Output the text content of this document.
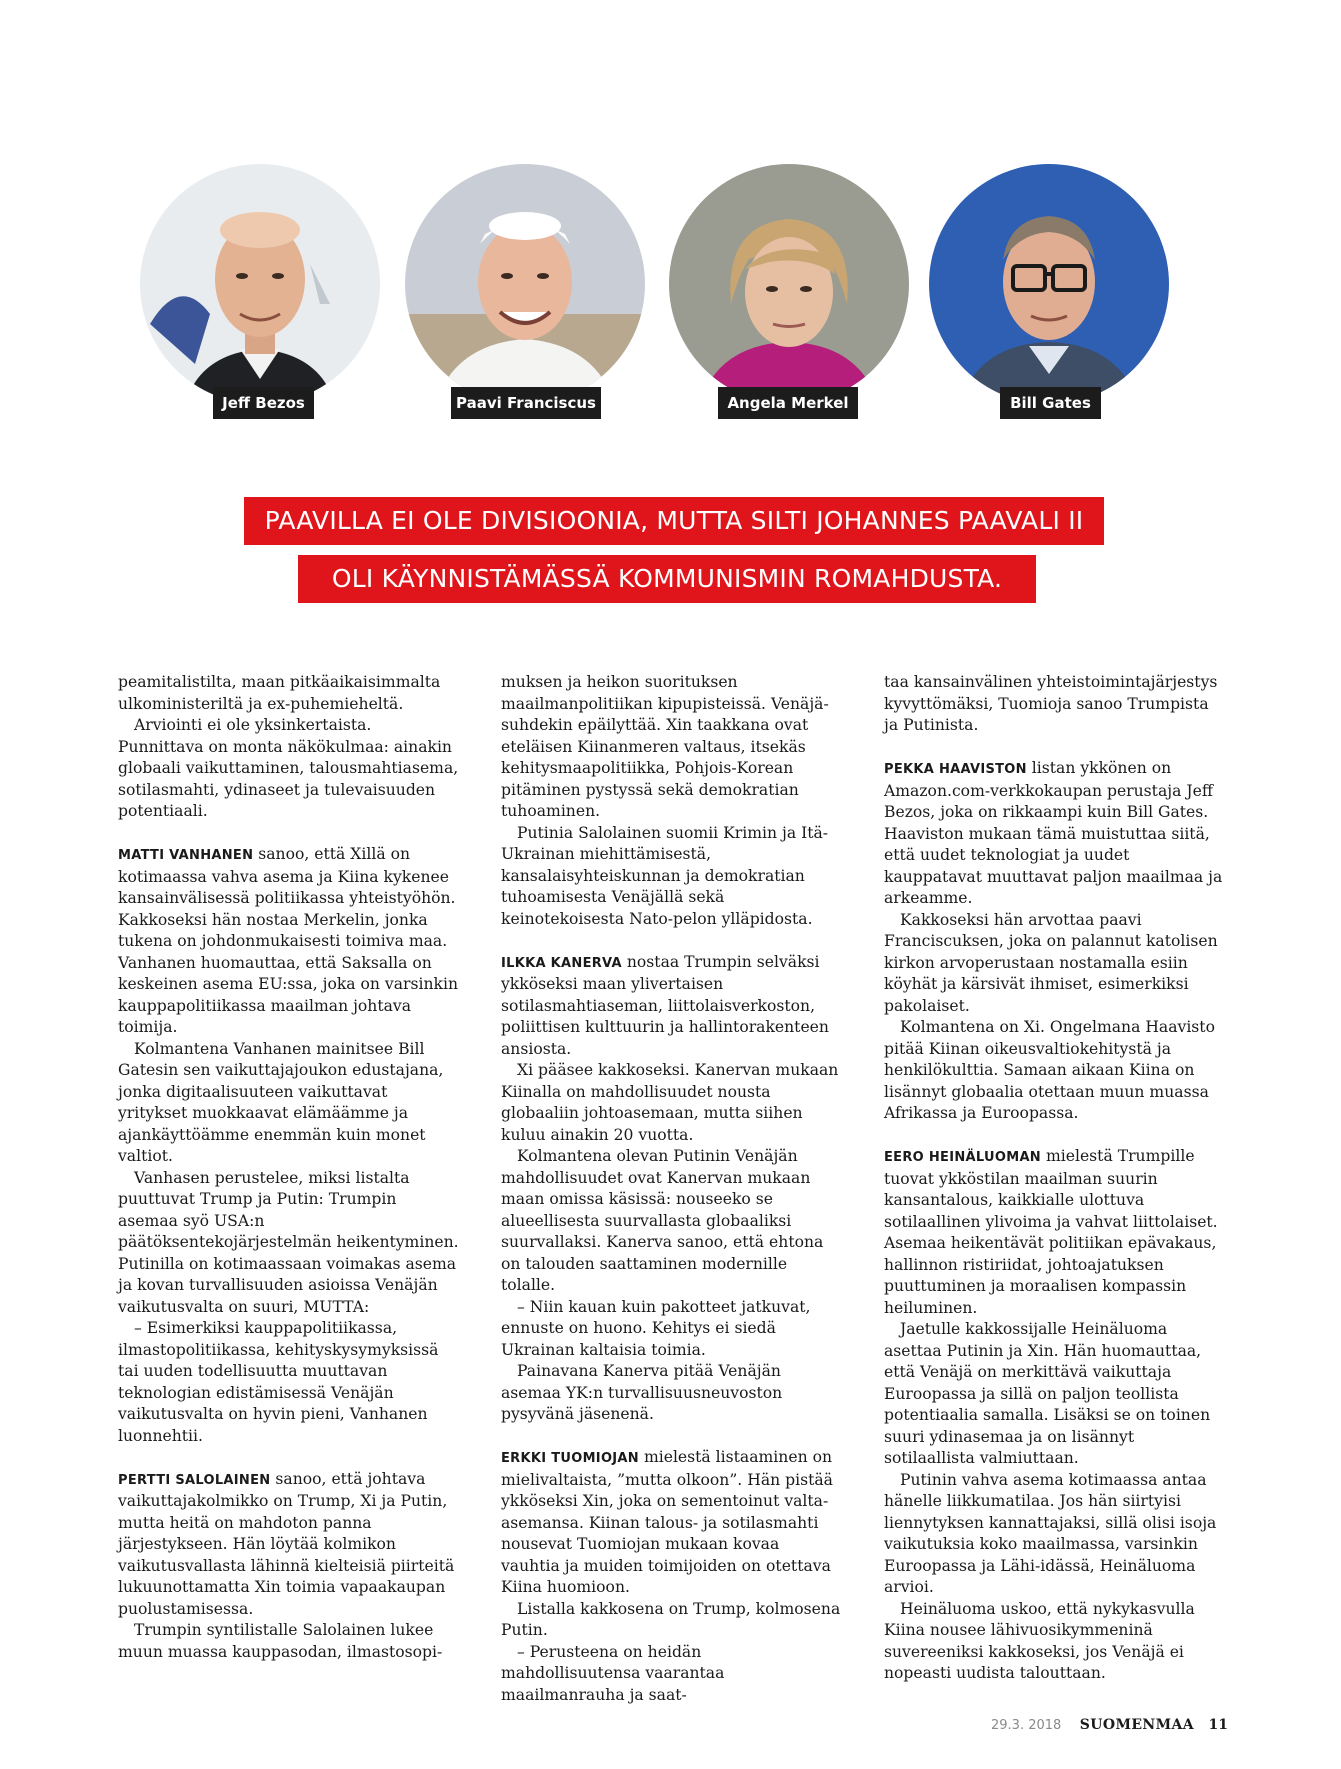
Jeff Bezos	Paavi Franciscus	Angela Merkel	Bill Gates
PAAVILLA EI OLE DIVISIOONIA, MUTTA SILTI JOHANNES PAAVALI II
OLI KÄYNNISTÄMÄSSÄ KOMMUNISMIN ROMAHDUSTA.

peamitalistilta, maan pitkäaikaisimmalta ulkoministeriltä ja ex-puhemieheltä.

Arviointi ei ole yksinkertaista. Punnittava on monta näkökulmaa: ainakin globaali vaikuttaminen, talousmahtiasema, sotilasmahti, ydinaseet ja tulevaisuuden potentiaali.

MATTI VANHANEN sanoo, että Xillä on kotimaassa vahva asema ja Kiina kykenee kansainvälisessä politiikassa yhteistyöhön. Kakkoseksi hän nostaa Merkelin, jonka tukena on johdonmukaisesti toimiva maa. Vanhanen huomauttaa, että Saksalla on keskeinen asema EU:ssa, joka on varsinkin kauppapolitiikassa maailman johtava toimija.

Kolmantena Vanhanen mainitsee Bill Gatesin sen vaikuttajajoukon edustajana, jonka digitaalisuuteen vaikuttavat yritykset muokkaavat elämäämme ja ajankäyttöämme enemmän kuin monet valtiot.

Vanhasen perustelee, miksi listalta puuttuvat Trump ja Putin: Trumpin asemaa syö USA:n päätöksentekojärjestelmän heikentyminen. Putinilla on kotimaassaan voimakas asema ja kovan turvallisuuden asioissa Venäjän vaikutusvalta on suuri, MUTTA:

– Esimerkiksi kauppapolitiikassa, ilmastopolitiikassa, kehityskysymyksissä tai uuden todellisuutta muuttavan teknologian edistämisessä Venäjän vaikutusvalta on hyvin pieni, Vanhanen luonnehtii.

PERTTI SALOLAINEN sanoo, että johtava vaikuttajakolmikko on Trump, Xi ja Putin, mutta heitä on mahdoton panna järjestykseen. Hän löytää kolmikon vaikutusvallasta lähinnä kielteisiä piirteitä lukuunottamatta Xin toimia vapaakaupan puolustamisessa.

Trumpin syntilistalle Salolainen lukee muun muassa kauppasodan, ilmastosopi-

muksen ja heikon suorituksen maailmanpolitiikan kipupisteissä. Venäjä-suhdekin epäilyttää. Xin taakkana ovat eteläisen Kiinanmeren valtaus, itsekäs kehitysmaapolitiikka, Pohjois-Korean pitäminen pystyssä sekä demokratian tuhoaminen.

Putinia Salolainen suomii Krimin ja Itä-Ukrainan miehittämisestä, kansalaisyhteiskunnan ja demokratian tuhoamisesta Venäjällä sekä keinotekoisesta Nato-pelon ylläpidosta.

ILKKA KANERVA nostaa Trumpin selväksi ykköseksi maan ylivertaisen sotilasmahtiaseman, liittolaisverkoston, poliittisen kulttuurin ja hallintorakenteen ansiosta.

Xi pääsee kakkoseksi. Kanervan mukaan Kiinalla on mahdollisuudet nousta globaaliin johtoasemaan, mutta siihen kuluu ainakin 20 vuotta.

Kolmantena olevan Putinin Venäjän mahdollisuudet ovat Kanervan mukaan maan omissa käsissä: nouseeko se alueellisesta suurvallasta globaaliksi suurvallaksi. Kanerva sanoo, että ehtona on talouden saattaminen modernille tolalle.

– Niin kauan kuin pakotteet jatkuvat, ennuste on huono. Kehitys ei siedä Ukrainan kaltaisia toimia.

Painavana Kanerva pitää Venäjän asemaa YK:n turvallisuusneuvoston pysyvänä jäsenenä.

ERKKI TUOMIOJAN mielestä listaaminen on mielivaltaista, ”mutta olkoon”. Hän pistää ykköseksi Xin, joka on sementoinut valta-asemansa. Kiinan talous- ja sotilasmahti nousevat Tuomiojan mukaan kovaa vauhtia ja muiden toimijoiden on otettava Kiina huomioon.

Listalla kakkosena on Trump, kolmosena Putin.

– Perusteena on heidän mahdollisuutensa vaarantaa maailmanrauha ja saat-

taa kansainvälinen yhteistoimintajärjestys kyvyttömäksi, Tuomioja sanoo Trumpista ja Putinista.

PEKKA HAAVISTON listan ykkönen on Amazon.com-verkkokaupan perustaja Jeff Bezos, joka on rikkaampi kuin Bill Gates. Haaviston mukaan tämä muistuttaa siitä, että uudet teknologiat ja uudet kauppatavat muuttavat paljon maailmaa ja arkeamme.

Kakkoseksi hän arvottaa paavi Franciscuksen, joka on palannut katolisen kirkon arvoperustaan nostamalla esiin köyhät ja kärsivät ihmiset, esimerkiksi pakolaiset.

Kolmantena on Xi. Ongelmana Haavisto pitää Kiinan oikeusvaltiokehitystä ja henkilökulttia. Samaan aikaan Kiina on lisännyt globaalia otettaan muun muassa Afrikassa ja Euroopassa.

EERO HEINÄLUOMAN mielestä Trumpille tuovat ykköstilan maailman suurin kansantalous, kaikkialle ulottuva sotilaallinen ylivoima ja vahvat liittolaiset. Asemaa heikentävät politiikan epävakaus, hallinnon ristiriidat, johtoajatuksen puuttuminen ja moraalisen kompassin heiluminen.

Jaetulle kakkossijalle Heinäluoma asettaa Putinin ja Xin. Hän huomauttaa, että Venäjä on merkittävä vaikuttaja Euroopassa ja sillä on paljon teollista potentiaalia samalla. Lisäksi se on toinen suuri ydinasemaa ja on lisännyt sotilaallista valmiuttaan.

Putinin vahva asema kotimaassa antaa hänelle liikkumatilaa. Jos hän siirtyisi liennytyksen kannattajaksi, sillä olisi isoja vaikutuksia koko maailmassa, varsinkin Euroopassa ja Lähi-idässä, Heinäluoma arvioi.

Heinäluoma uskoo, että nykykasvulla Kiina nousee lähivuosikymmeninä suvereeniksi kakkoseksi, jos Venäjä ei nopeasti uudista talouttaan.

29.3. 2018 SUOMENMAA 11
